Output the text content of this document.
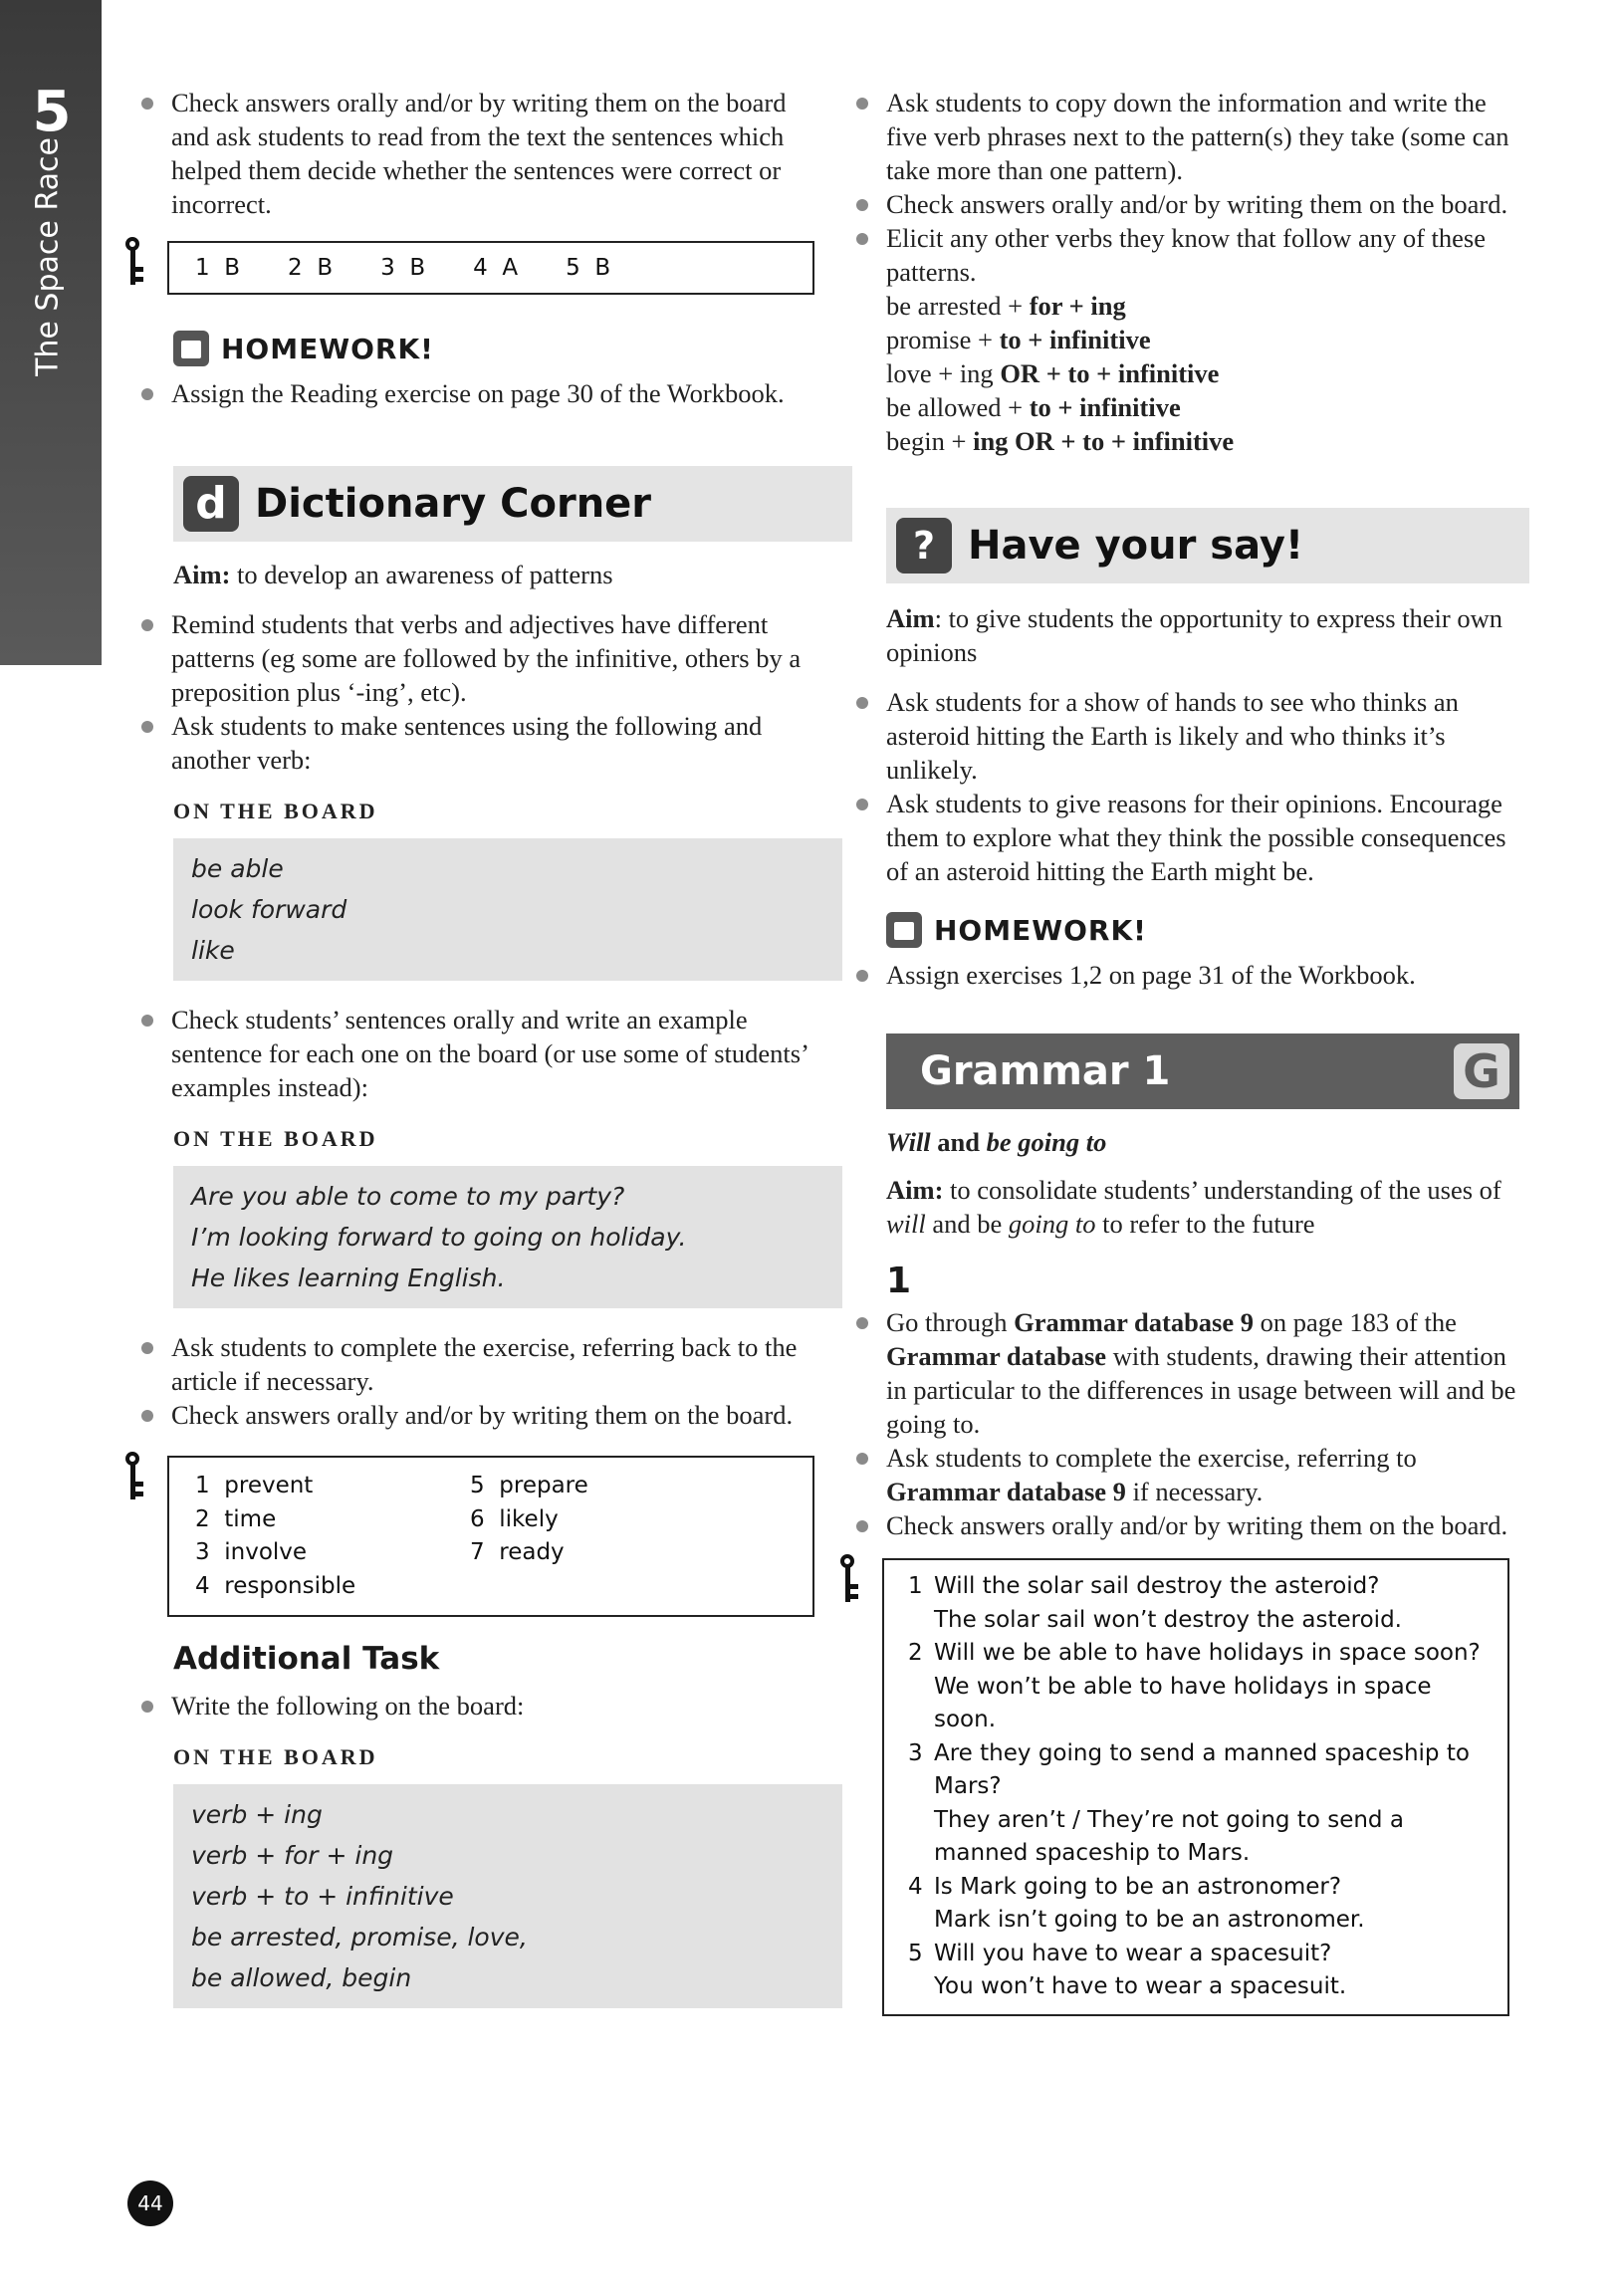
5
The Space Race
Check answers orally and/or by writing them on the board and ask students to read from the text the sentences which helped them decide whether the sentences were correct or incorrect.
1 B 2 B 3 B 4 A 5 B
HOMEWORK!
Assign the Reading exercise on page 30 of the Workbook.
d Dictionary Corner

Aim: to develop an awareness of patterns

Remind students that verbs and adjectives have different patterns (eg some are followed by the infinitive, others by a preposition plus ‘-ing’, etc).
Ask students to make sentences using the following and another verb:

ON THE BOARD

be able
look forward
like
Check students’ sentences orally and write an example sentence for each one on the board (or use some of students’ examples instead):

ON THE BOARD

Are you able to come to my party?
I’m looking forward to going on holiday.
He likes learning English.
Ask students to complete the exercise, referring back to the article if necessary.
Check answers orally and/or by writing them on the board.
1 prevent
2 time
3 involve
4 responsible
5 prepare
6 likely
7 ready

Additional Task

Write the following on the board:

ON THE BOARD

verb + ing
verb + for + ing
verb + to + infinitive
be arrested, promise, love,
be allowed, begin
Ask students to copy down the information and write the five verb phrases next to the pattern(s) they take (some can take more than one pattern).
Check answers orally and/or by writing them on the board.
Elicit any other verbs they know that follow any of these patterns.
be arrested + for + ing
promise + to + infinitive
love + ing OR + to + infinitive
be allowed + to + infinitive
begin + ing OR + to + infinitive
? Have your say!

Aim: to give students the opportunity to express their own opinions

Ask students for a show of hands to see who thinks an asteroid hitting the Earth is likely and who thinks it’s unlikely.
Ask students to give reasons for their opinions. Encourage them to explore what they think the possible consequences of an asteroid hitting the Earth might be.
HOMEWORK!
Assign exercises 1,2 on page 31 of the Workbook.
Grammar 1	G

Will and be going to

Aim: to consolidate students’ understanding of the uses of will and be going to to refer to the future

1

Go through Grammar database 9 on page 183 of the Grammar database with students, drawing their attention in particular to the differences in usage between will and be going to.
Ask students to complete the exercise, referring to Grammar database 9 if necessary.
Check answers orally and/or by writing them on the board.
1 Will the solar sail destroy the asteroid?
The solar sail won’t destroy the asteroid.
2 Will we be able to have holidays in space soon?
We won’t be able to have holidays in space soon.
3 Are they going to send a manned spaceship to Mars?
They aren’t / They’re not going to send a manned spaceship to Mars.
4 Is Mark going to be an astronomer?
Mark isn’t going to be an astronomer.
5 Will you have to wear a spacesuit?
You won’t have to wear a spacesuit.
44
